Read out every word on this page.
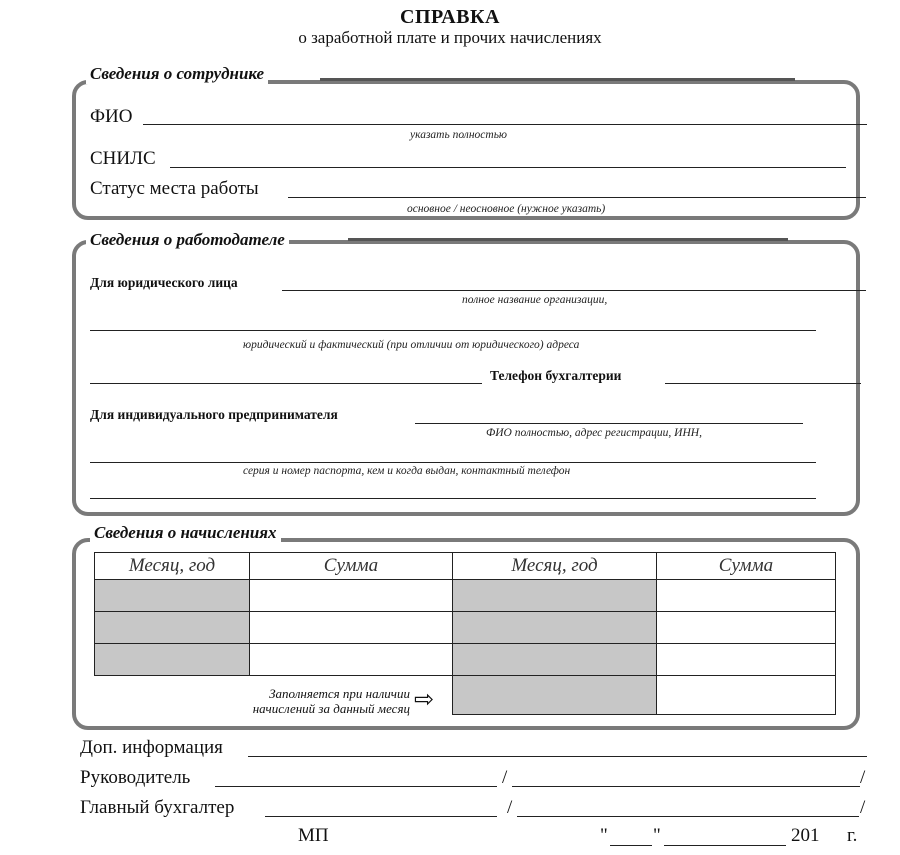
СПРАВКА
о заработной плате и прочих начислениях
Сведения о сотруднике
ФИО
указать полностью
СНИЛС
Статус места работы
основное / неосновное (нужное указать)
Сведения о работодателе
Для юридического лица
полное название организации,
юридический и фактический (при отличии от юридического) адреса
Телефон бухгалтерии
Для индивидуального предпринимателя
ФИО полностью, адрес регистрации, ИНН,
серия и номер паспорта, кем и когда выдан, контактный телефон
Сведения о начислениях
Месяц, год	Сумма	Месяц, год	Сумма

Заполняется при наличии
начислений за данный месяц ⇨
Доп. информация
Руководитель	/	/
Главный бухгалтер	/	/
МП	" "	201 г.
